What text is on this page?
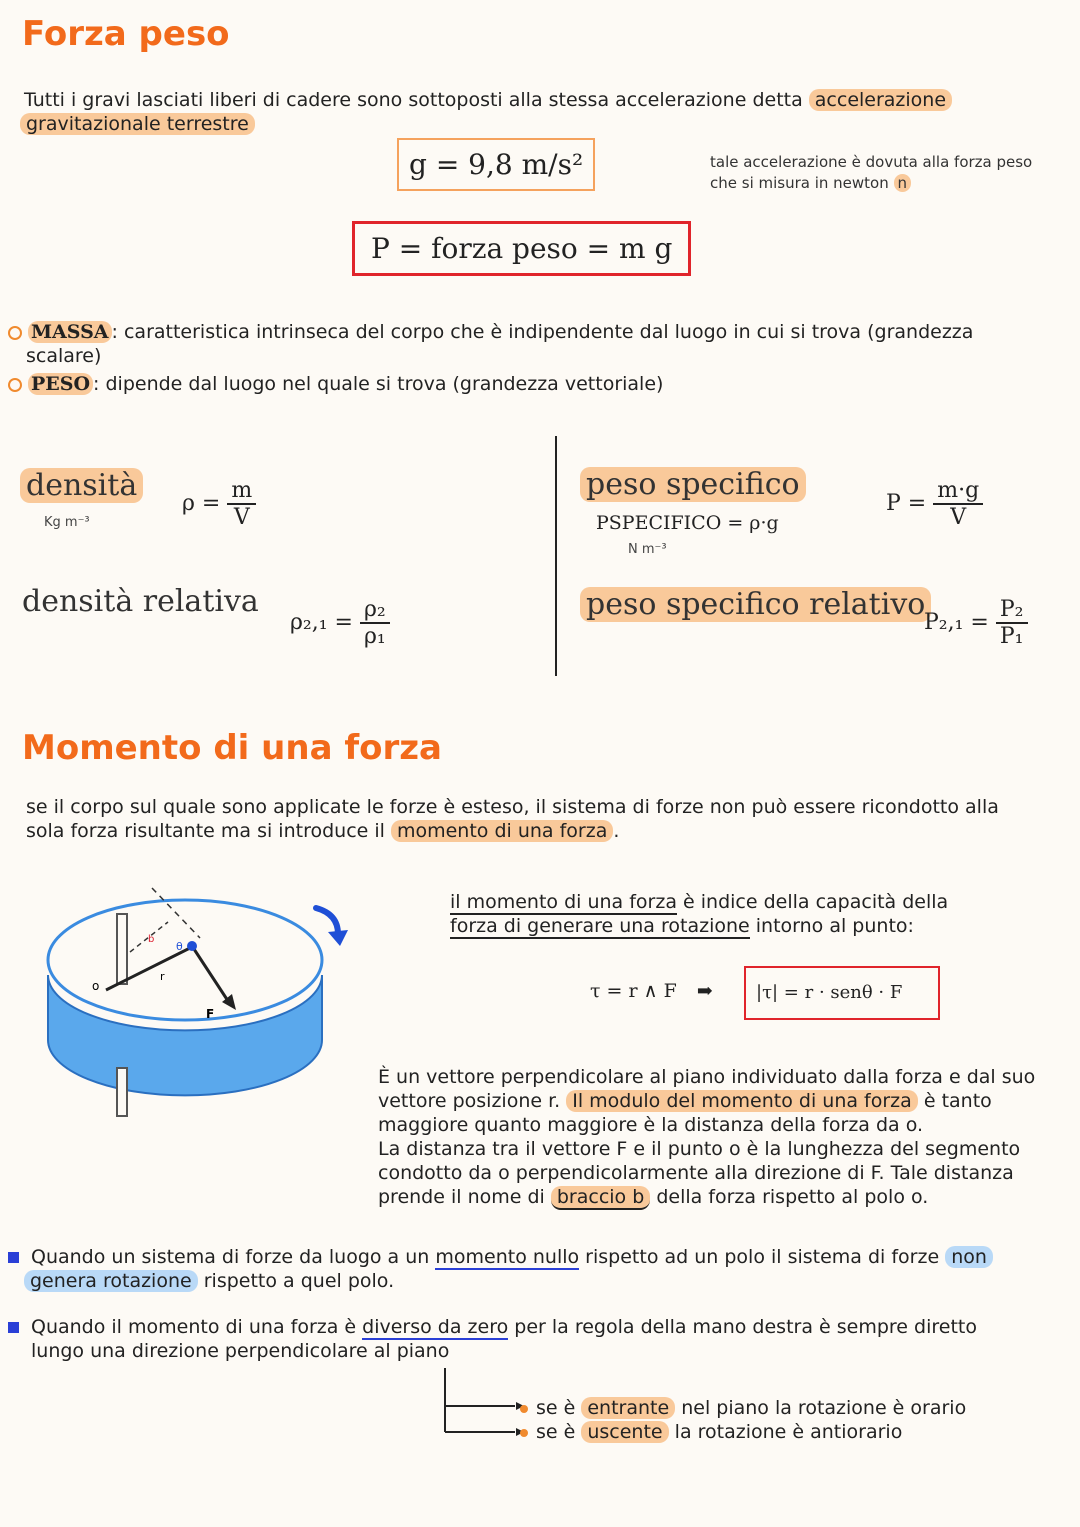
Forza peso
Tutti i gravi lasciati liberi di cadere sono sottoposti alla stessa accelerazione detta accelerazione
gravitazionale terrestre
g = 9,8 m/s²	tale accelerazione è dovuta alla forza peso
che si misura in newton n
P = forza peso = m g
MASSA : caratteristica intrinseca del corpo che è indipendente dal luogo in cui si trova (grandezza
scalare)
PESO : dipende dal luogo nel quale si trova (grandezza vettoriale)
densità
Kg m⁻³
$\rho = \frac{m}{V}$
densità relativa
$\rho_2,_1 = \frac{\text{ρ₂}}{\text{ρ₁}}$
peso specifico
PSPECIFICO = ρ·g
N m⁻³
$P = \frac{m\cdot g}{V}$
peso specifico relativo
$P_2,_1 = \frac{\text{P₂}}{\text{P₁}}$
Momento di una forza
se il corpo sul quale sono applicate le forze è esteso, il sistema di forze non può essere ricondotto alla
sola forza risultante ma si introduce il momento di una forza .
o
r
b
θ
F
il momento di una forza è indice della capacità della
forza di generare una rotazione intorno al punto:
τ = r ∧ F ➡	|τ| = r · senθ · F
È un vettore perpendicolare al piano individuato dalla forza e dal suo
vettore posizione r. Il modulo del momento di una forza è tanto
maggiore quanto maggiore è la distanza della forza da o.
La distanza tra il vettore F e il punto o è la lunghezza del segmento
condotto da o perpendicolarmente alla direzione di F. Tale distanza
prende il nome di braccio b della forza rispetto al polo o.
Quando un sistema di forze da luogo a un momento nullo rispetto ad un polo il sistema di forze non
genera rotazione rispetto a quel polo.
Quando il momento di una forza è diverso da zero per la regola della mano destra è sempre diretto
lungo una direzione perpendicolare al piano
se è entrante nel piano la rotazione è orario
se è uscente la rotazione è antiorario
